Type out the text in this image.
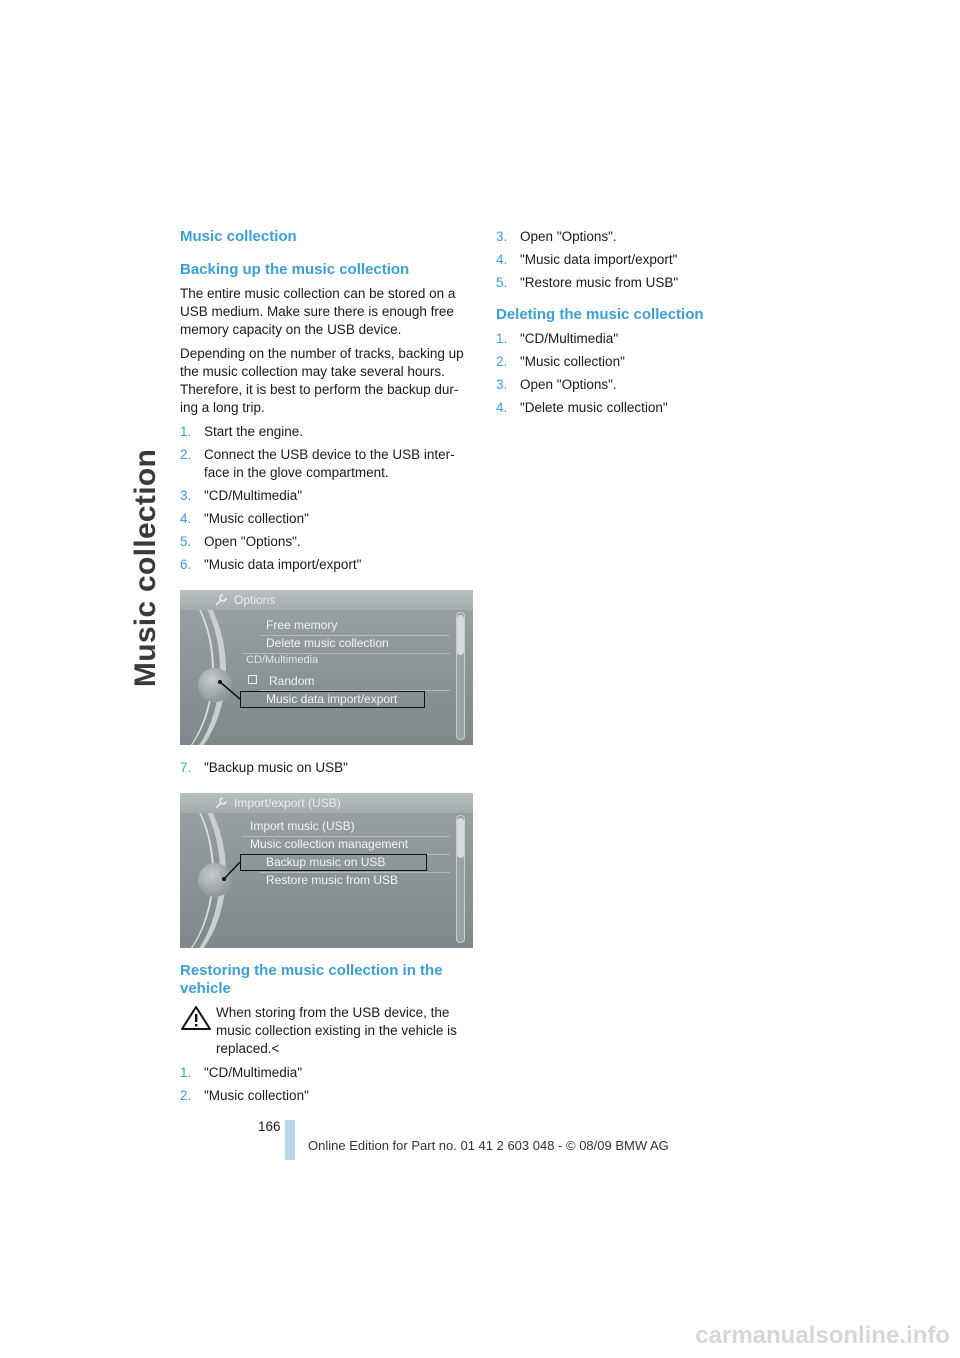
Music collection
Music collection
Backing up the music collection

The entire music collection can be stored on a USB medium. Make sure there is enough free memory capacity on the USB device.

Depending on the number of tracks, backing up the music collection may take several hours. Therefore, it is best to perform the backup dur- ing a long trip.

1. Start the engine.
2. Connect the USB device to the USB inter- face in the glove compartment.
3. "CD/Multimedia"
4. "Music collection"
5. Open "Options".
6. "Music data import/export"
Options
Free memory
Delete music collection
CD/Multimedia
Random
Music data import/export
7. "Backup music on USB"
Import/export (USB)
Import music (USB)
Music collection management
Backup music on USB
Restore music from USB
Restoring the music collection in the vehicle

When storing from the USB device, the music collection existing in the vehicle is replaced.<

1. "CD/Multimedia"
2. "Music collection"
3. Open "Options".
4. "Music data import/export"
5. "Restore music from USB"
Deleting the music collection
1. "CD/Multimedia"
2. "Music collection"
3. Open "Options".
4. "Delete music collection"
166
Online Edition for Part no. 01 41 2 603 048 - © 08/09 BMW AG
carmanualsonline.info
